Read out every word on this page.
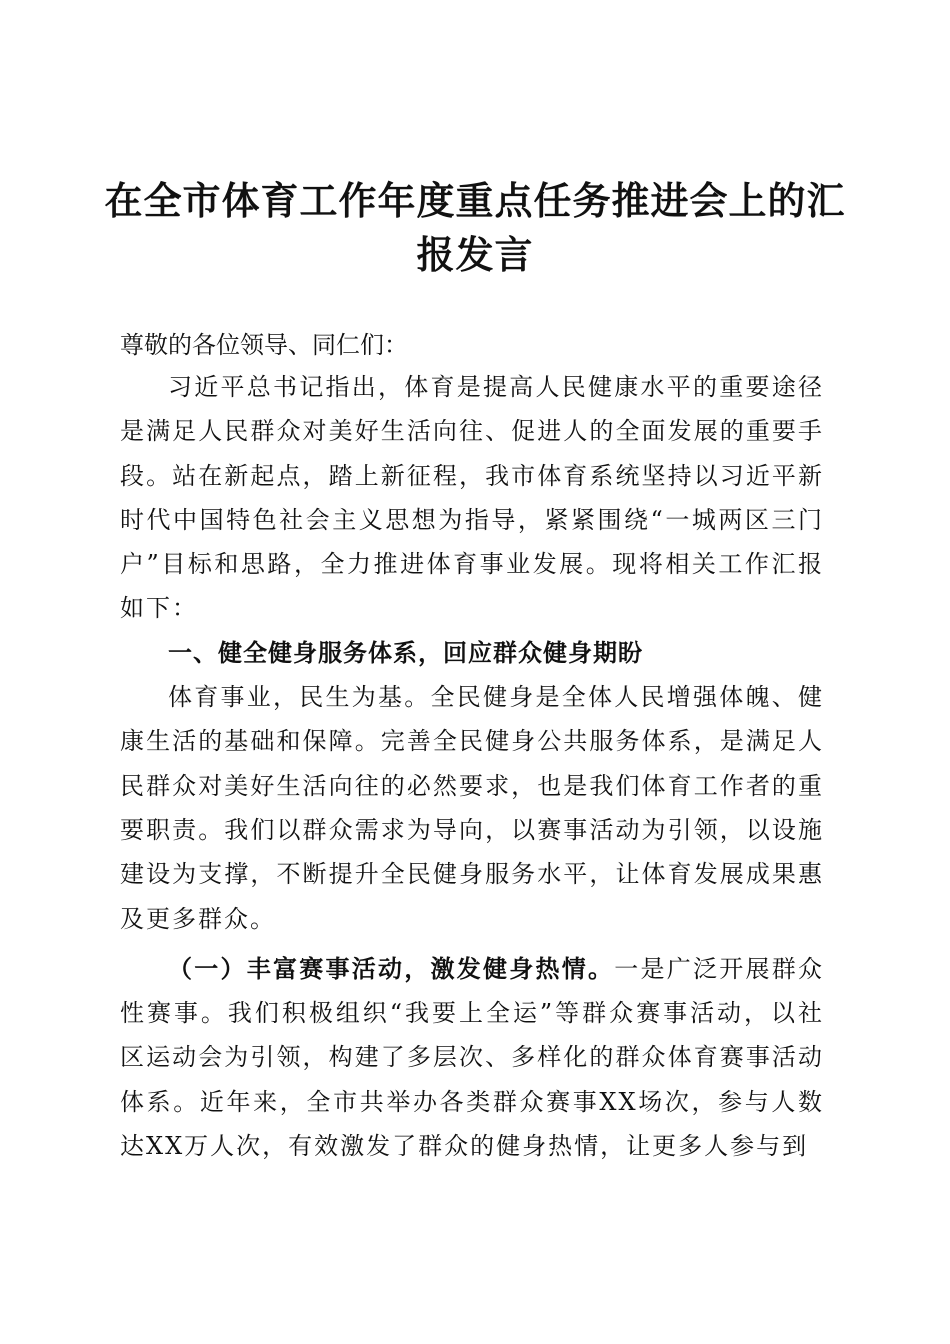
在全市体育工作年度重点任务推进会上的汇报发言

尊敬的各位领导、同仁们：

习近平总书记指出，体育是提高人民健康水平的重要途径是满足人民群众对美好生活向往、促进人的全面发展的重要手段。站在新起点，踏上新征程，我市体育系统坚持以习近平新时代中国特色社会主义思想为指导，紧紧围绕“一城两区三门户”目标和思路，全力推进体育事业发展。现将相关工作汇报如下：

一、健全健身服务体系，回应群众健身期盼

体育事业，民生为基。全民健身是全体人民增强体魄、健康生活的基础和保障。完善全民健身公共服务体系，是满足人民群众对美好生活向往的必然要求，也是我们体育工作者的重要职责。我们以群众需求为导向，以赛事活动为引领，以设施建设为支撑，不断提升全民健身服务水平，让体育发展成果惠及更多群众。

（一）丰富赛事活动，激发健身热情。一是广泛开展群众性赛事。我们积极组织“我要上全运”等群众赛事活动，以社区运动会为引领，构建了多层次、多样化的群众体育赛事活动体系。近年来，全市共举办各类群众赛事XX场次，参与人数达XX万人次，有效激发了群众的健身热情，让更多人参与到
